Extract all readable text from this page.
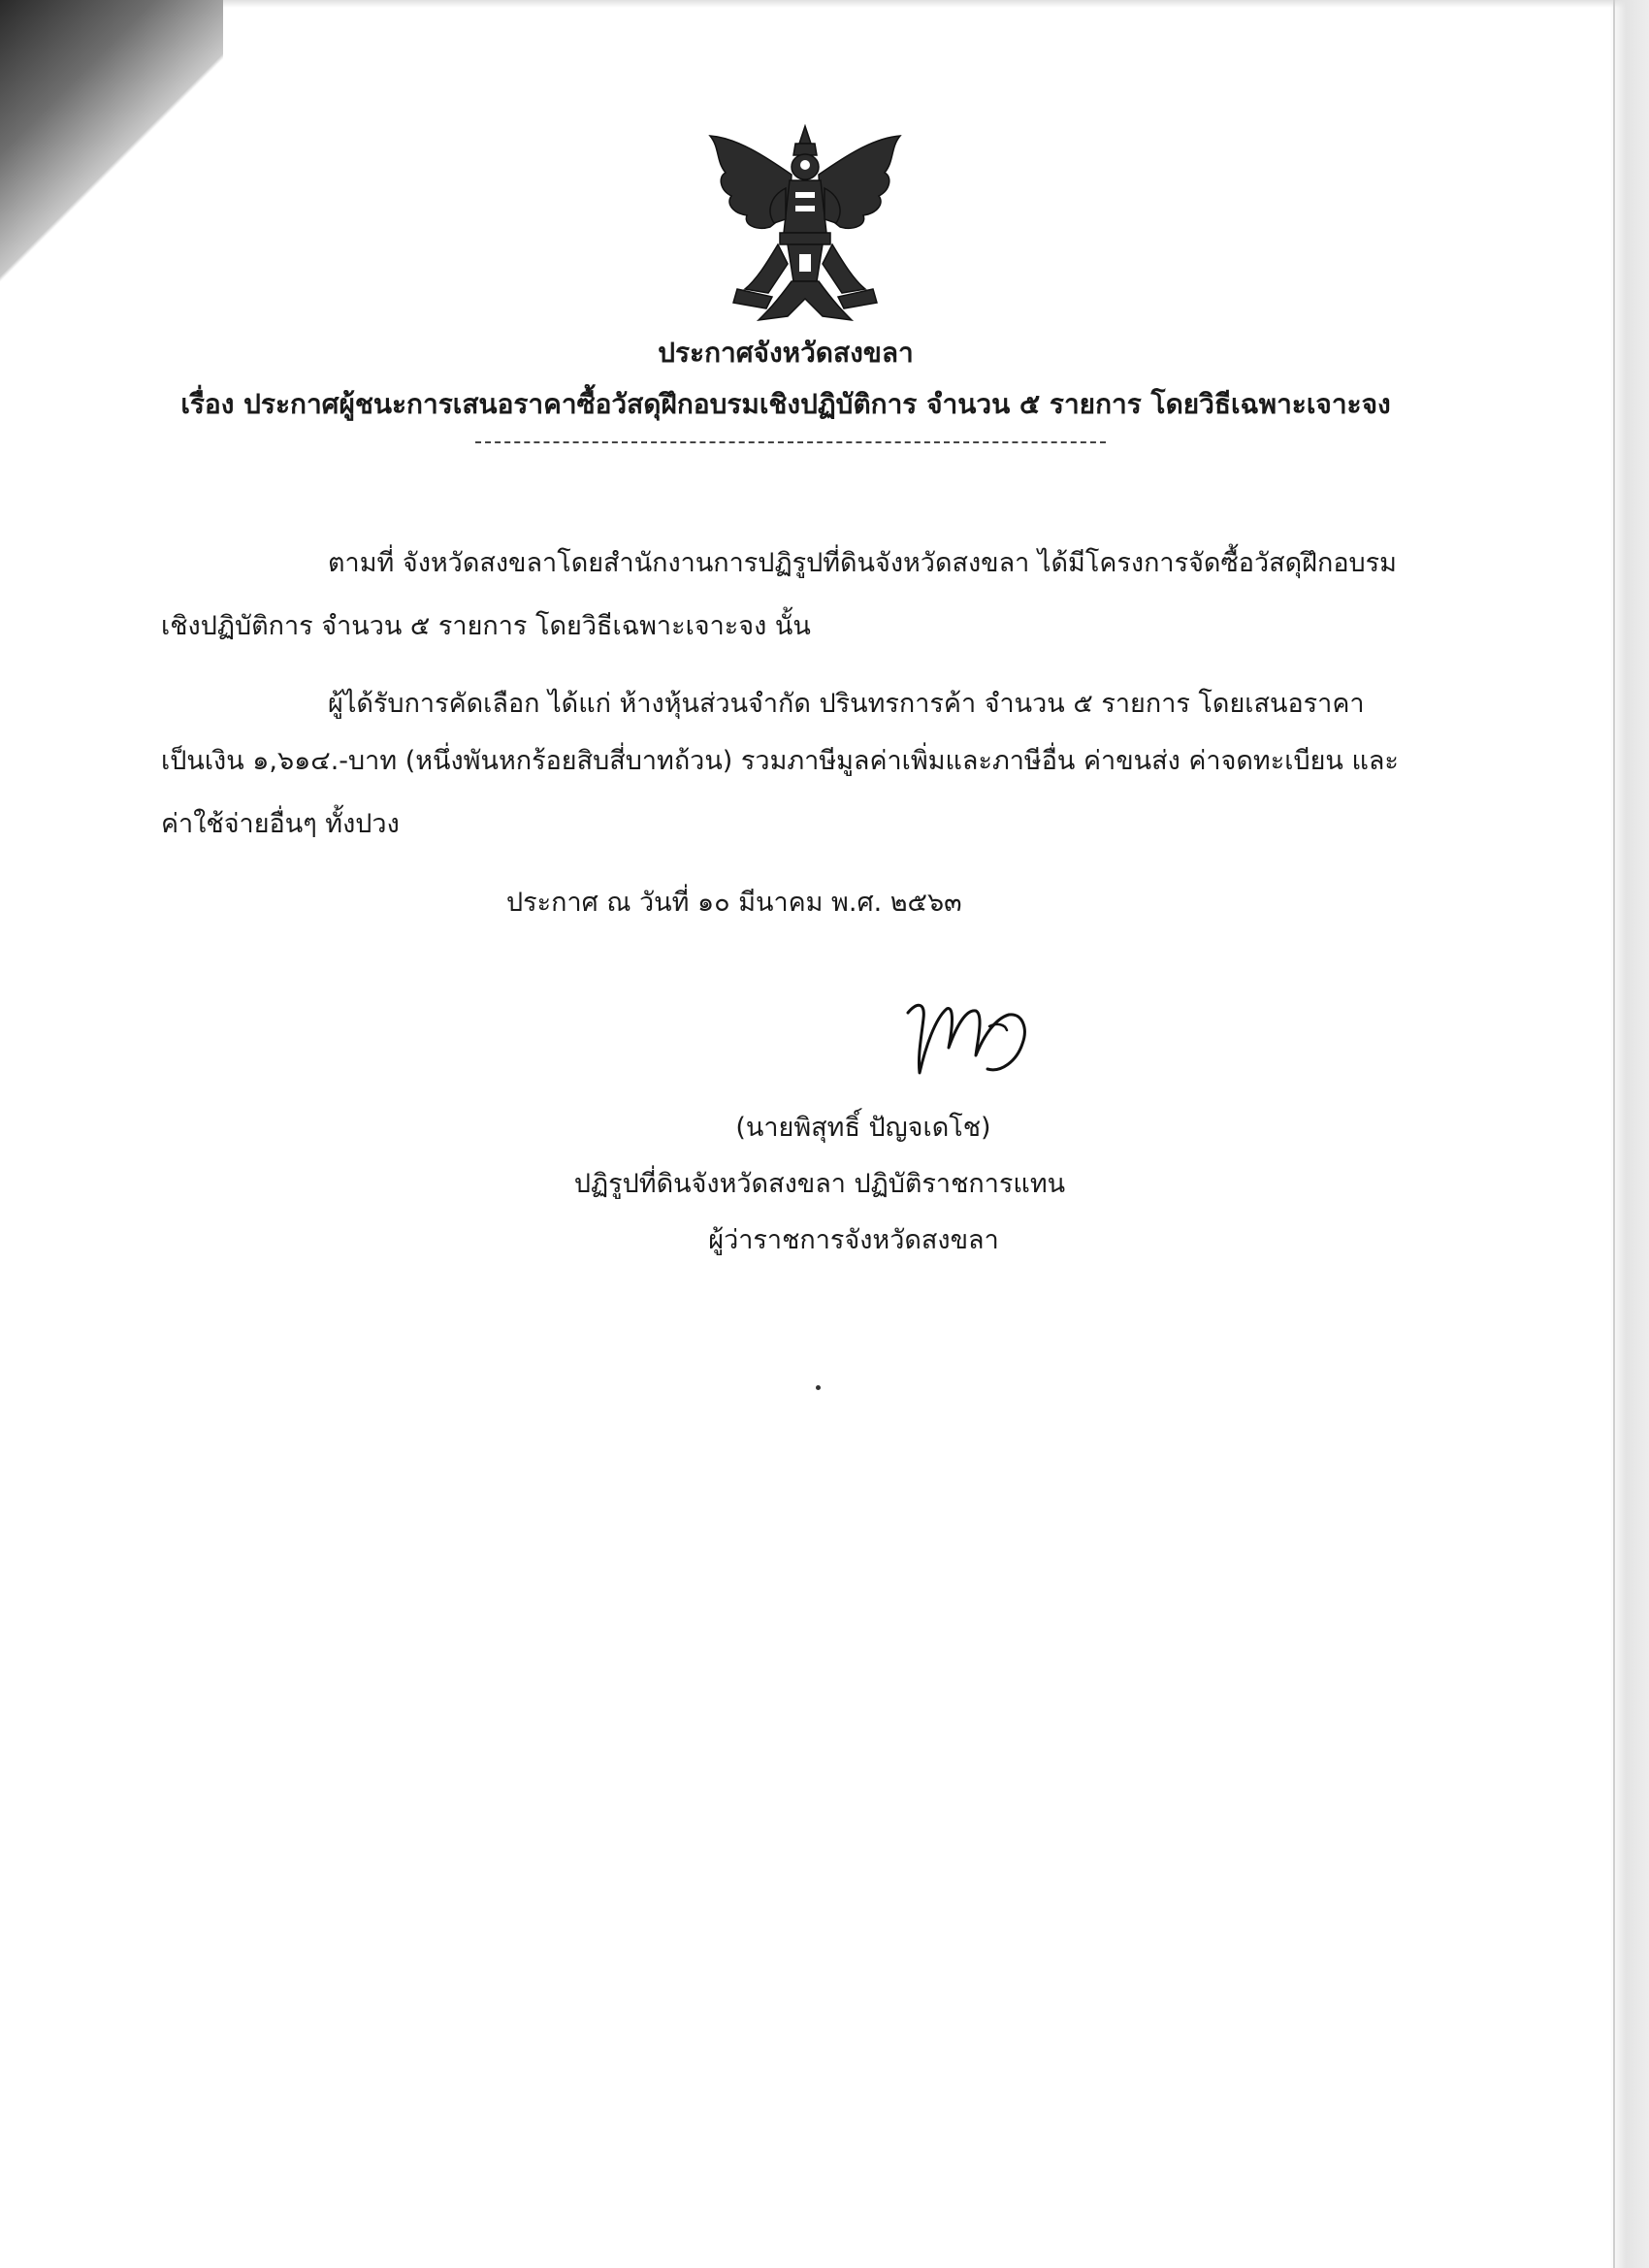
ประกาศจังหวัดสงขลา
เรื่อง ประกาศผู้ชนะการเสนอราคาซื้อวัสดุฝึกอบรมเชิงปฏิบัติการ จำนวน ๕ รายการ โดยวิธีเฉพาะเจาะจง
ตามที่ จังหวัดสงขลาโดยสำนักงานการปฏิรูปที่ดินจังหวัดสงขลา ได้มีโครงการจัดซื้อวัสดุฝึกอบรม
เชิงปฏิบัติการ จำนวน ๕ รายการ โดยวิธีเฉพาะเจาะจง นั้น
ผู้ได้รับการคัดเลือก ได้แก่ ห้างหุ้นส่วนจำกัด ปรินทรการค้า จำนวน ๕ รายการ โดยเสนอราคา
เป็นเงิน ๑,๖๑๔.-บาท (หนึ่งพันหกร้อยสิบสี่บาทถ้วน) รวมภาษีมูลค่าเพิ่มและภาษีอื่น ค่าขนส่ง ค่าจดทะเบียน และ
ค่าใช้จ่ายอื่นๆ ทั้งปวง
ประกาศ ณ วันที่ ๑๐ มีนาคม พ.ศ. ๒๕๖๓
(นายพิสุทธิ์ ปัญจเดโช)
ปฏิรูปที่ดินจังหวัดสงขลา ปฏิบัติราชการแทน
ผู้ว่าราชการจังหวัดสงขลา
